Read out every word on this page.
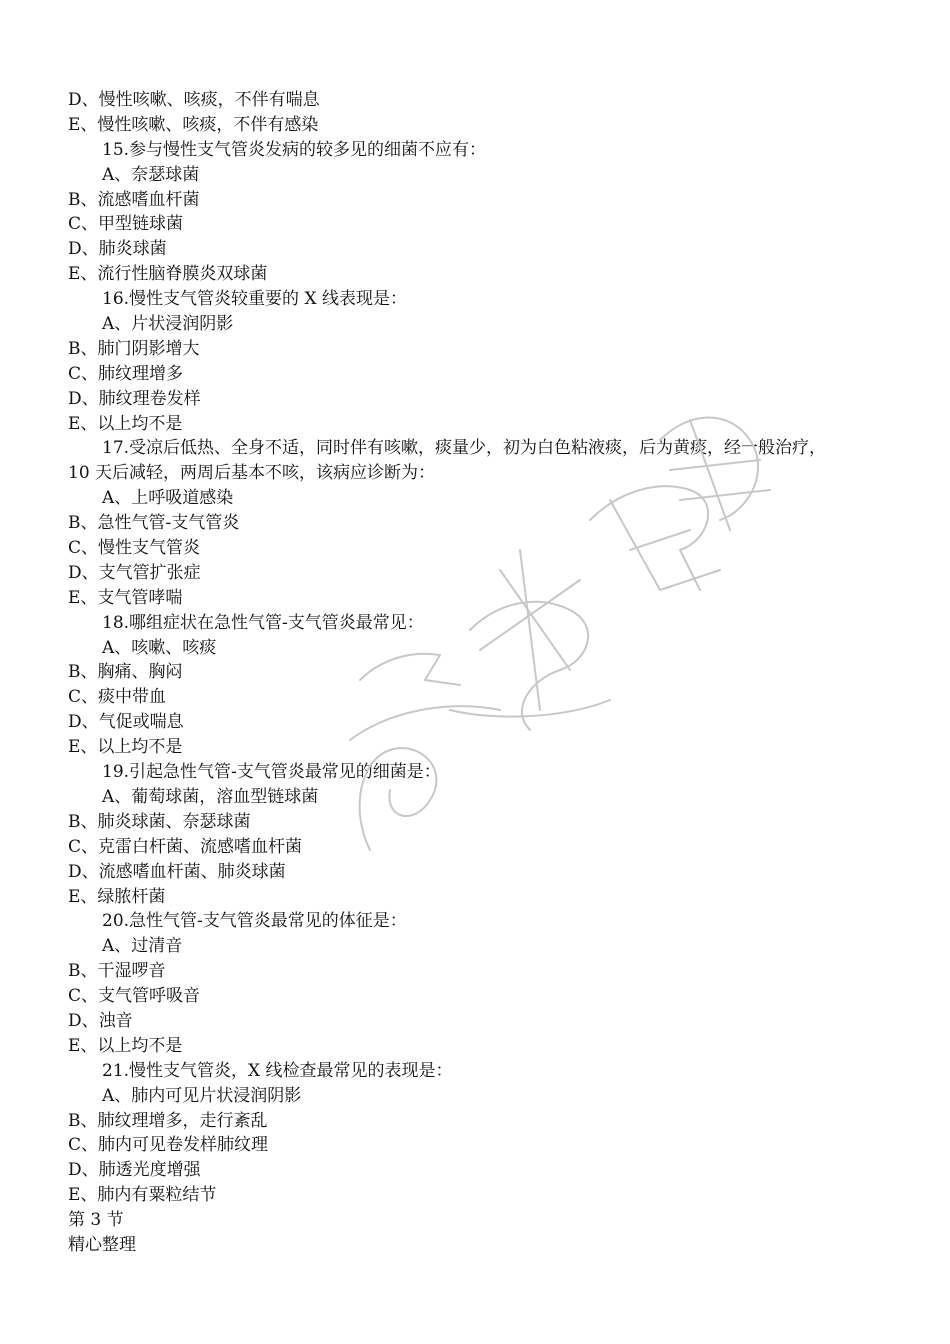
D、慢性咳嗽、咳痰，不伴有喘息
E、慢性咳嗽、咳痰，不伴有感染
15.参与慢性支气管炎发病的较多见的细菌不应有：
A、奈瑟球菌
B、流感嗜血杆菌
C、甲型链球菌
D、肺炎球菌
E、流行性脑脊膜炎双球菌
16.慢性支气管炎较重要的 X 线表现是：
A、片状浸润阴影
B、肺门阴影增大
C、肺纹理增多
D、肺纹理卷发样
E、以上均不是
17.受凉后低热、全身不适，同时伴有咳嗽，痰量少，初为白色粘液痰，后为黄痰，经一般治疗，
10 天后减轻，两周后基本不咳，该病应诊断为：
A、上呼吸道感染
B、急性气管-支气管炎
C、慢性支气管炎
D、支气管扩张症
E、支气管哮喘
18.哪组症状在急性气管-支气管炎最常见：
A、咳嗽、咳痰
B、胸痛、胸闷
C、痰中带血
D、气促或喘息
E、以上均不是
19.引起急性气管-支气管炎最常见的细菌是：
A、葡萄球菌，溶血型链球菌
B、肺炎球菌、奈瑟球菌
C、克雷白杆菌、流感嗜血杆菌
D、流感嗜血杆菌、肺炎球菌
E、绿脓杆菌
20.急性气管-支气管炎最常见的体征是：
A、过清音
B、干湿啰音
C、支气管呼吸音
D、浊音
E、以上均不是
21.慢性支气管炎，X 线检查最常见的表现是：
A、肺内可见片状浸润阴影
B、肺纹理增多，走行紊乱
C、肺内可见卷发样肺纹理
D、肺透光度增强
E、肺内有粟粒结节
第 3 节
精心整理
